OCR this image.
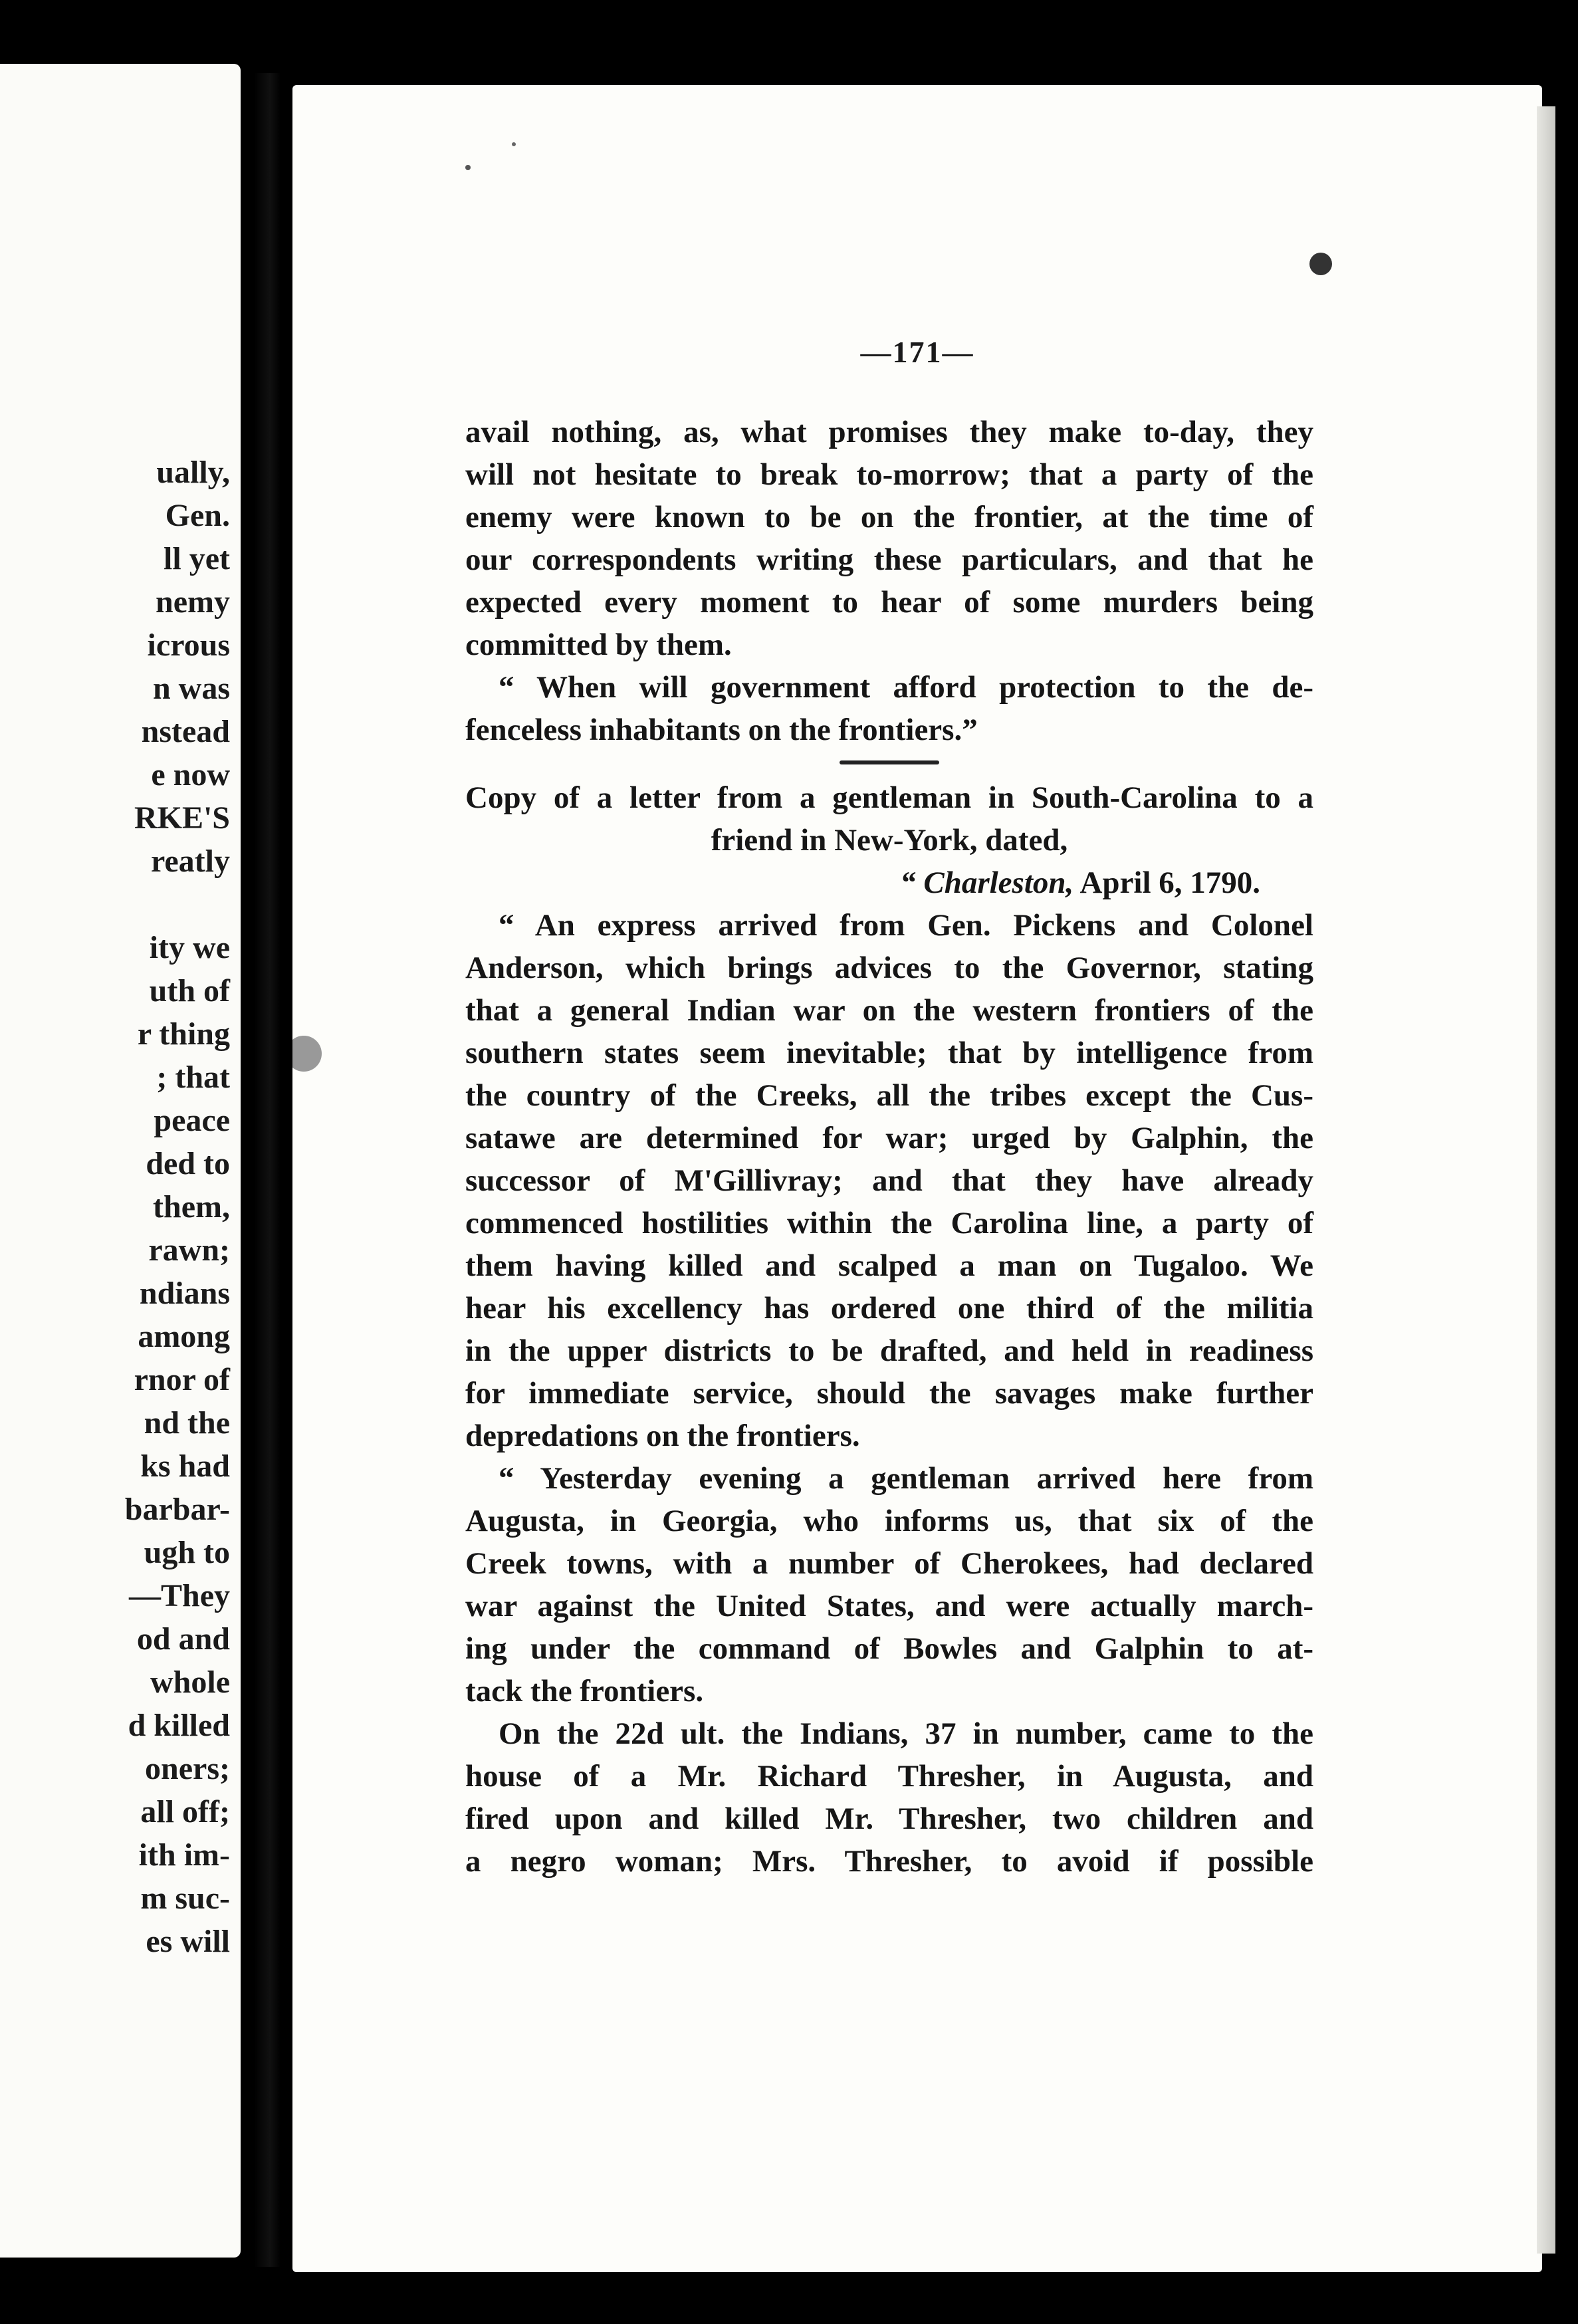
ually,
Gen.
ll yet
nemy
icrous
n was
nstead
e now
RKE'S
reatly
ity we
uth of
r thing
; that
peace
ded to
them,
rawn;
ndians
among
rnor of
nd the
ks had
barbar-
ugh to
—They
od and
whole
d killed
oners;
all off;
ith im-
m suc-
es will
—171—

avail nothing, as, what promises they make to-day, they
will not hesitate to break to-morrow; that a party of the
enemy were known to be on the frontier, at the time of
our correspondents writing these particulars, and that he
expected every moment to hear of some murders being
committed by them.

“ When will government afford protection to the de-
fenceless inhabitants on the frontiers.”

Copy of a letter from a gentleman in South-Carolina to a
friend in New-York, dated,
“ Charleston, April 6, 1790.

“ An express arrived from Gen. Pickens and Colonel
Anderson, which brings advices to the Governor, stating
that a general Indian war on the western frontiers of the
southern states seem inevitable; that by intelligence from
the country of the Creeks, all the tribes except the Cus-
satawe are determined for war; urged by Galphin, the
successor of M'Gillivray; and that they have already
commenced hostilities within the Carolina line, a party of
them having killed and scalped a man on Tugaloo. We
hear his excellency has ordered one third of the militia
in the upper districts to be drafted, and held in readiness
for immediate service, should the savages make further
depredations on the frontiers.

“ Yesterday evening a gentleman arrived here from
Augusta, in Georgia, who informs us, that six of the
Creek towns, with a number of Cherokees, had declared
war against the United States, and were actually march-
ing under the command of Bowles and Galphin to at-
tack the frontiers.

On the 22d ult. the Indians, 37 in number, came to the
house of a Mr. Richard Thresher, in Augusta, and
fired upon and killed Mr. Thresher, two children and
a negro woman; Mrs. Thresher, to avoid if possible
